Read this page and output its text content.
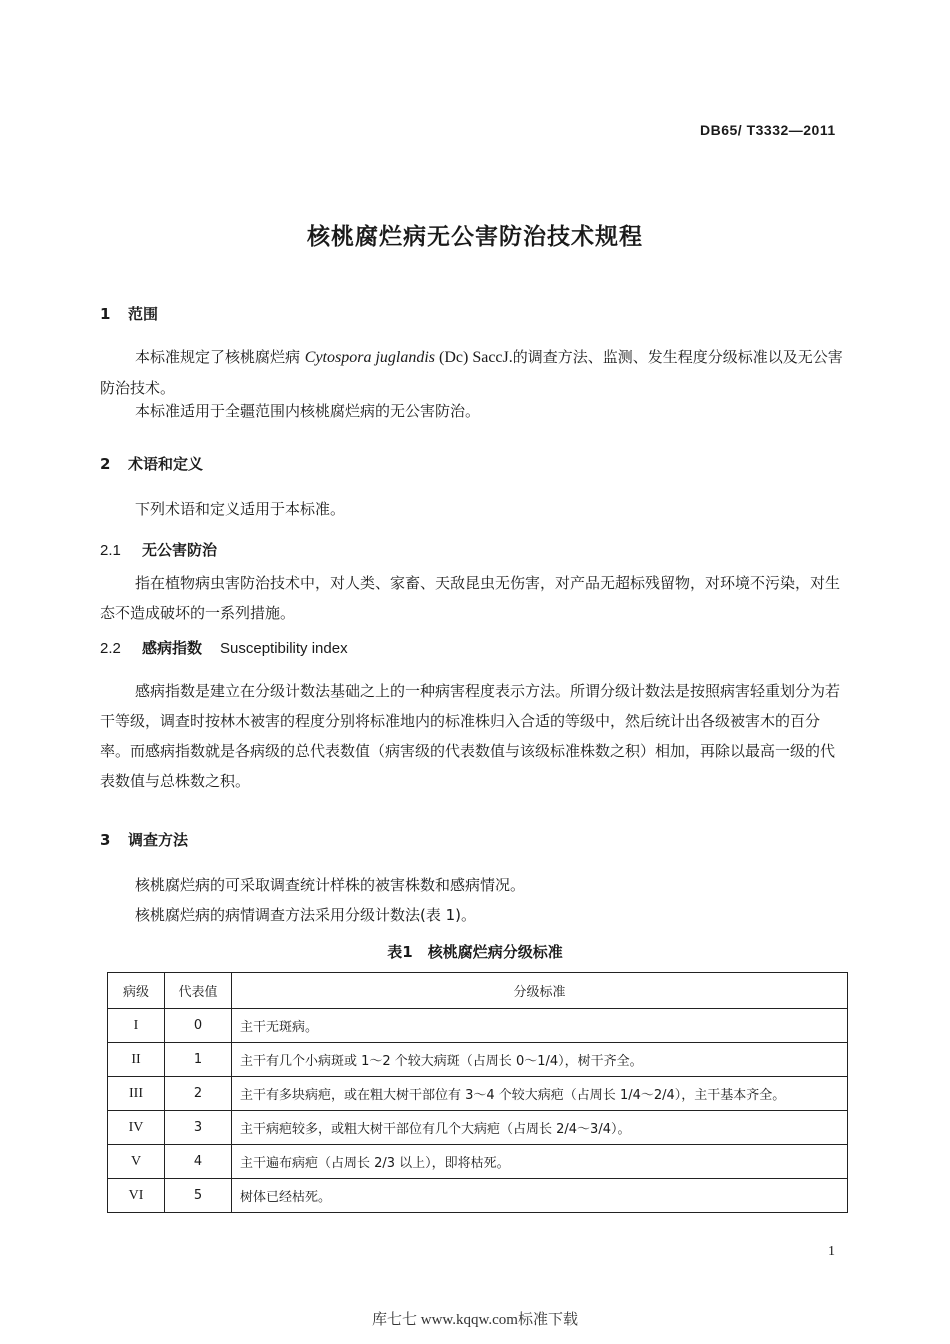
DB65/ T3332—2011
核桃腐烂病无公害防治技术规程
1 范围
本标准规定了核桃腐烂病 Cytospora juglandis (Dc) SaccJ.的调查方法、监测、发生程度分级标准以及无公害防治技术。
本标准适用于全疆范围内核桃腐烂病的无公害防治。
2 术语和定义
下列术语和定义适用于本标准。
2.1 无公害防治
指在植物病虫害防治技术中，对人类、家畜、天敌昆虫无伤害，对产品无超标残留物，对环境不污染，对生态不造成破坏的一系列措施。
2.2 感病指数 Susceptibility index
感病指数是建立在分级计数法基础之上的一种病害程度表示方法。所谓分级计数法是按照病害轻重划分为若干等级，调查时按林木被害的程度分别将标准地内的标准株归入合适的等级中，然后统计出各级被害木的百分率。而感病指数就是各病级的总代表数值（病害级的代表数值与该级标准株数之积）相加，再除以最高一级的代表数值与总株数之积。
3 调查方法
核桃腐烂病的可采取调查统计样株的被害株数和感病情况。
核桃腐烂病的病情调查方法采用分级计数法(表 1)。
表1　核桃腐烂病分级标准
病级	代表值	分级标准
I	0	主干无斑病。
II	1	主干有几个小病斑或 1～2 个较大病斑（占周长 0～1/4），树干齐全。
III	2	主干有多块病疤，或在粗大树干部位有 3～4 个较大病疤（占周长 1/4～2/4），主干基本齐全。
IV	3	主干病疤较多，或粗大树干部位有几个大病疤（占周长 2/4～3/4）。
V	4	主干遍布病疤（占周长 2/3 以上），即将枯死。
VI	5	树体已经枯死。
1
库七七 www.kqqw.com标准下载
